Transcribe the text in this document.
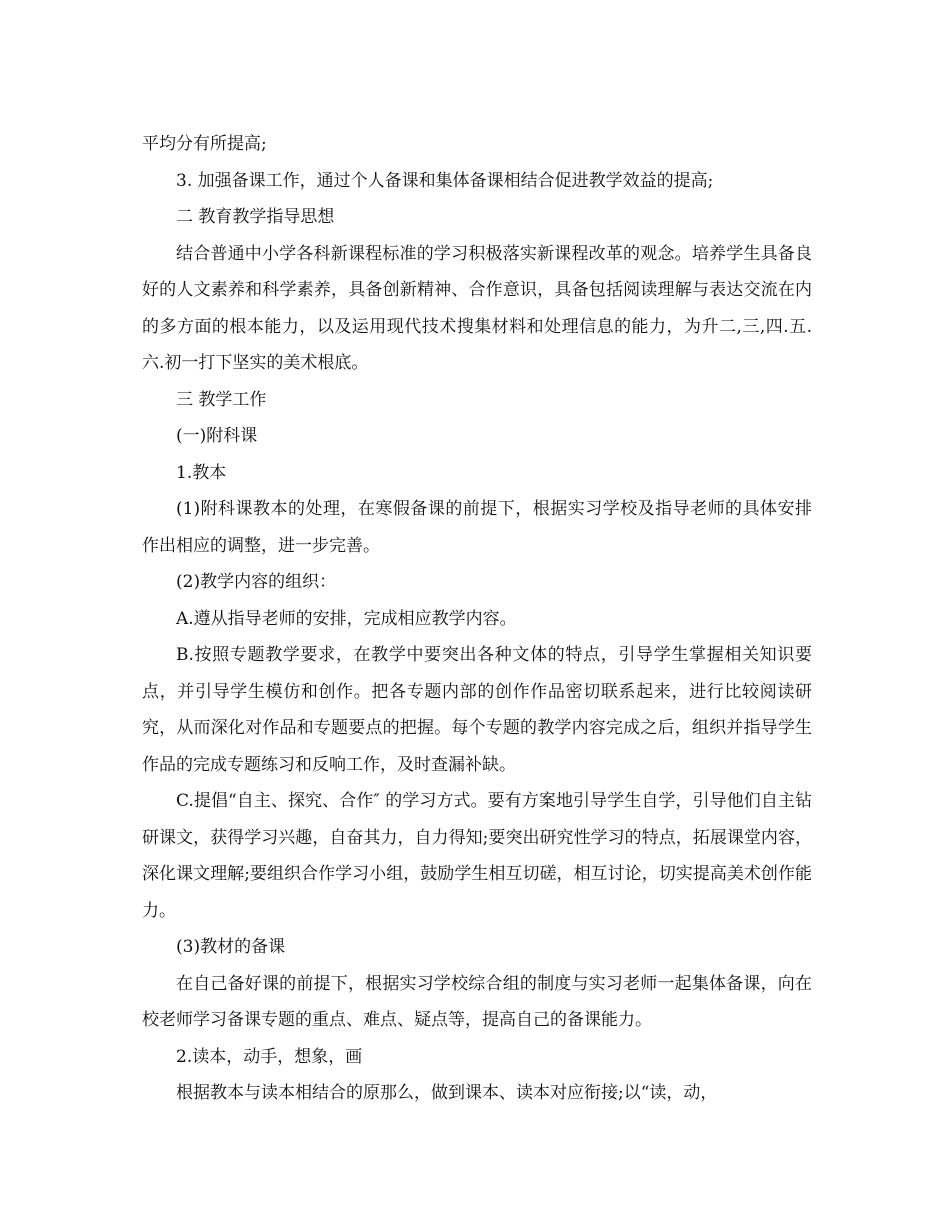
平均分有所提高;

3. 加强备课工作，通过个人备课和集体备课相结合促进教学效益的提高;

二 教育教学指导思想

结合普通中小学各科新课程标准的学习积极落实新课程改革的观念。培养学生具备良好的人文素养和科学素养，具备创新精神、合作意识，具备包括阅读理解与表达交流在内的多方面的根本能力，以及运用现代技术搜集材料和处理信息的能力，为升二,三,四.五.六.初一打下坚实的美术根底。

三 教学工作

(一)附科课

1.教本

(1)附科课教本的处理，在寒假备课的前提下，根据实习学校及指导老师的具体安排作出相应的调整，进一步完善。

(2)教学内容的组织：

A.遵从指导老师的安排，完成相应教学内容。

B.按照专题教学要求，在教学中要突出各种文体的特点，引导学生掌握相关知识要点，并引导学生模仿和创作。把各专题内部的创作作品密切联系起来，进行比较阅读研究，从而深化对作品和专题要点的把握。每个专题的教学内容完成之后，组织并指导学生作品的完成专题练习和反响工作，及时查漏补缺。

C.提倡“自主、探究、合作″ 的学习方式。要有方案地引导学生自学，引导他们自主钻研课文，获得学习兴趣，自奋其力，自力得知;要突出研究性学习的特点，拓展课堂内容，深化课文理解;要组织合作学习小组，鼓励学生相互切磋，相互讨论，切实提高美术创作能力。

(3)教材的备课

在自己备好课的前提下，根据实习学校综合组的制度与实习老师一起集体备课，向在校老师学习备课专题的重点、难点、疑点等，提高自己的备课能力。

2.读本，动手，想象，画

根据教本与读本相结合的原那么，做到课本、读本对应衔接;以“读，动，
